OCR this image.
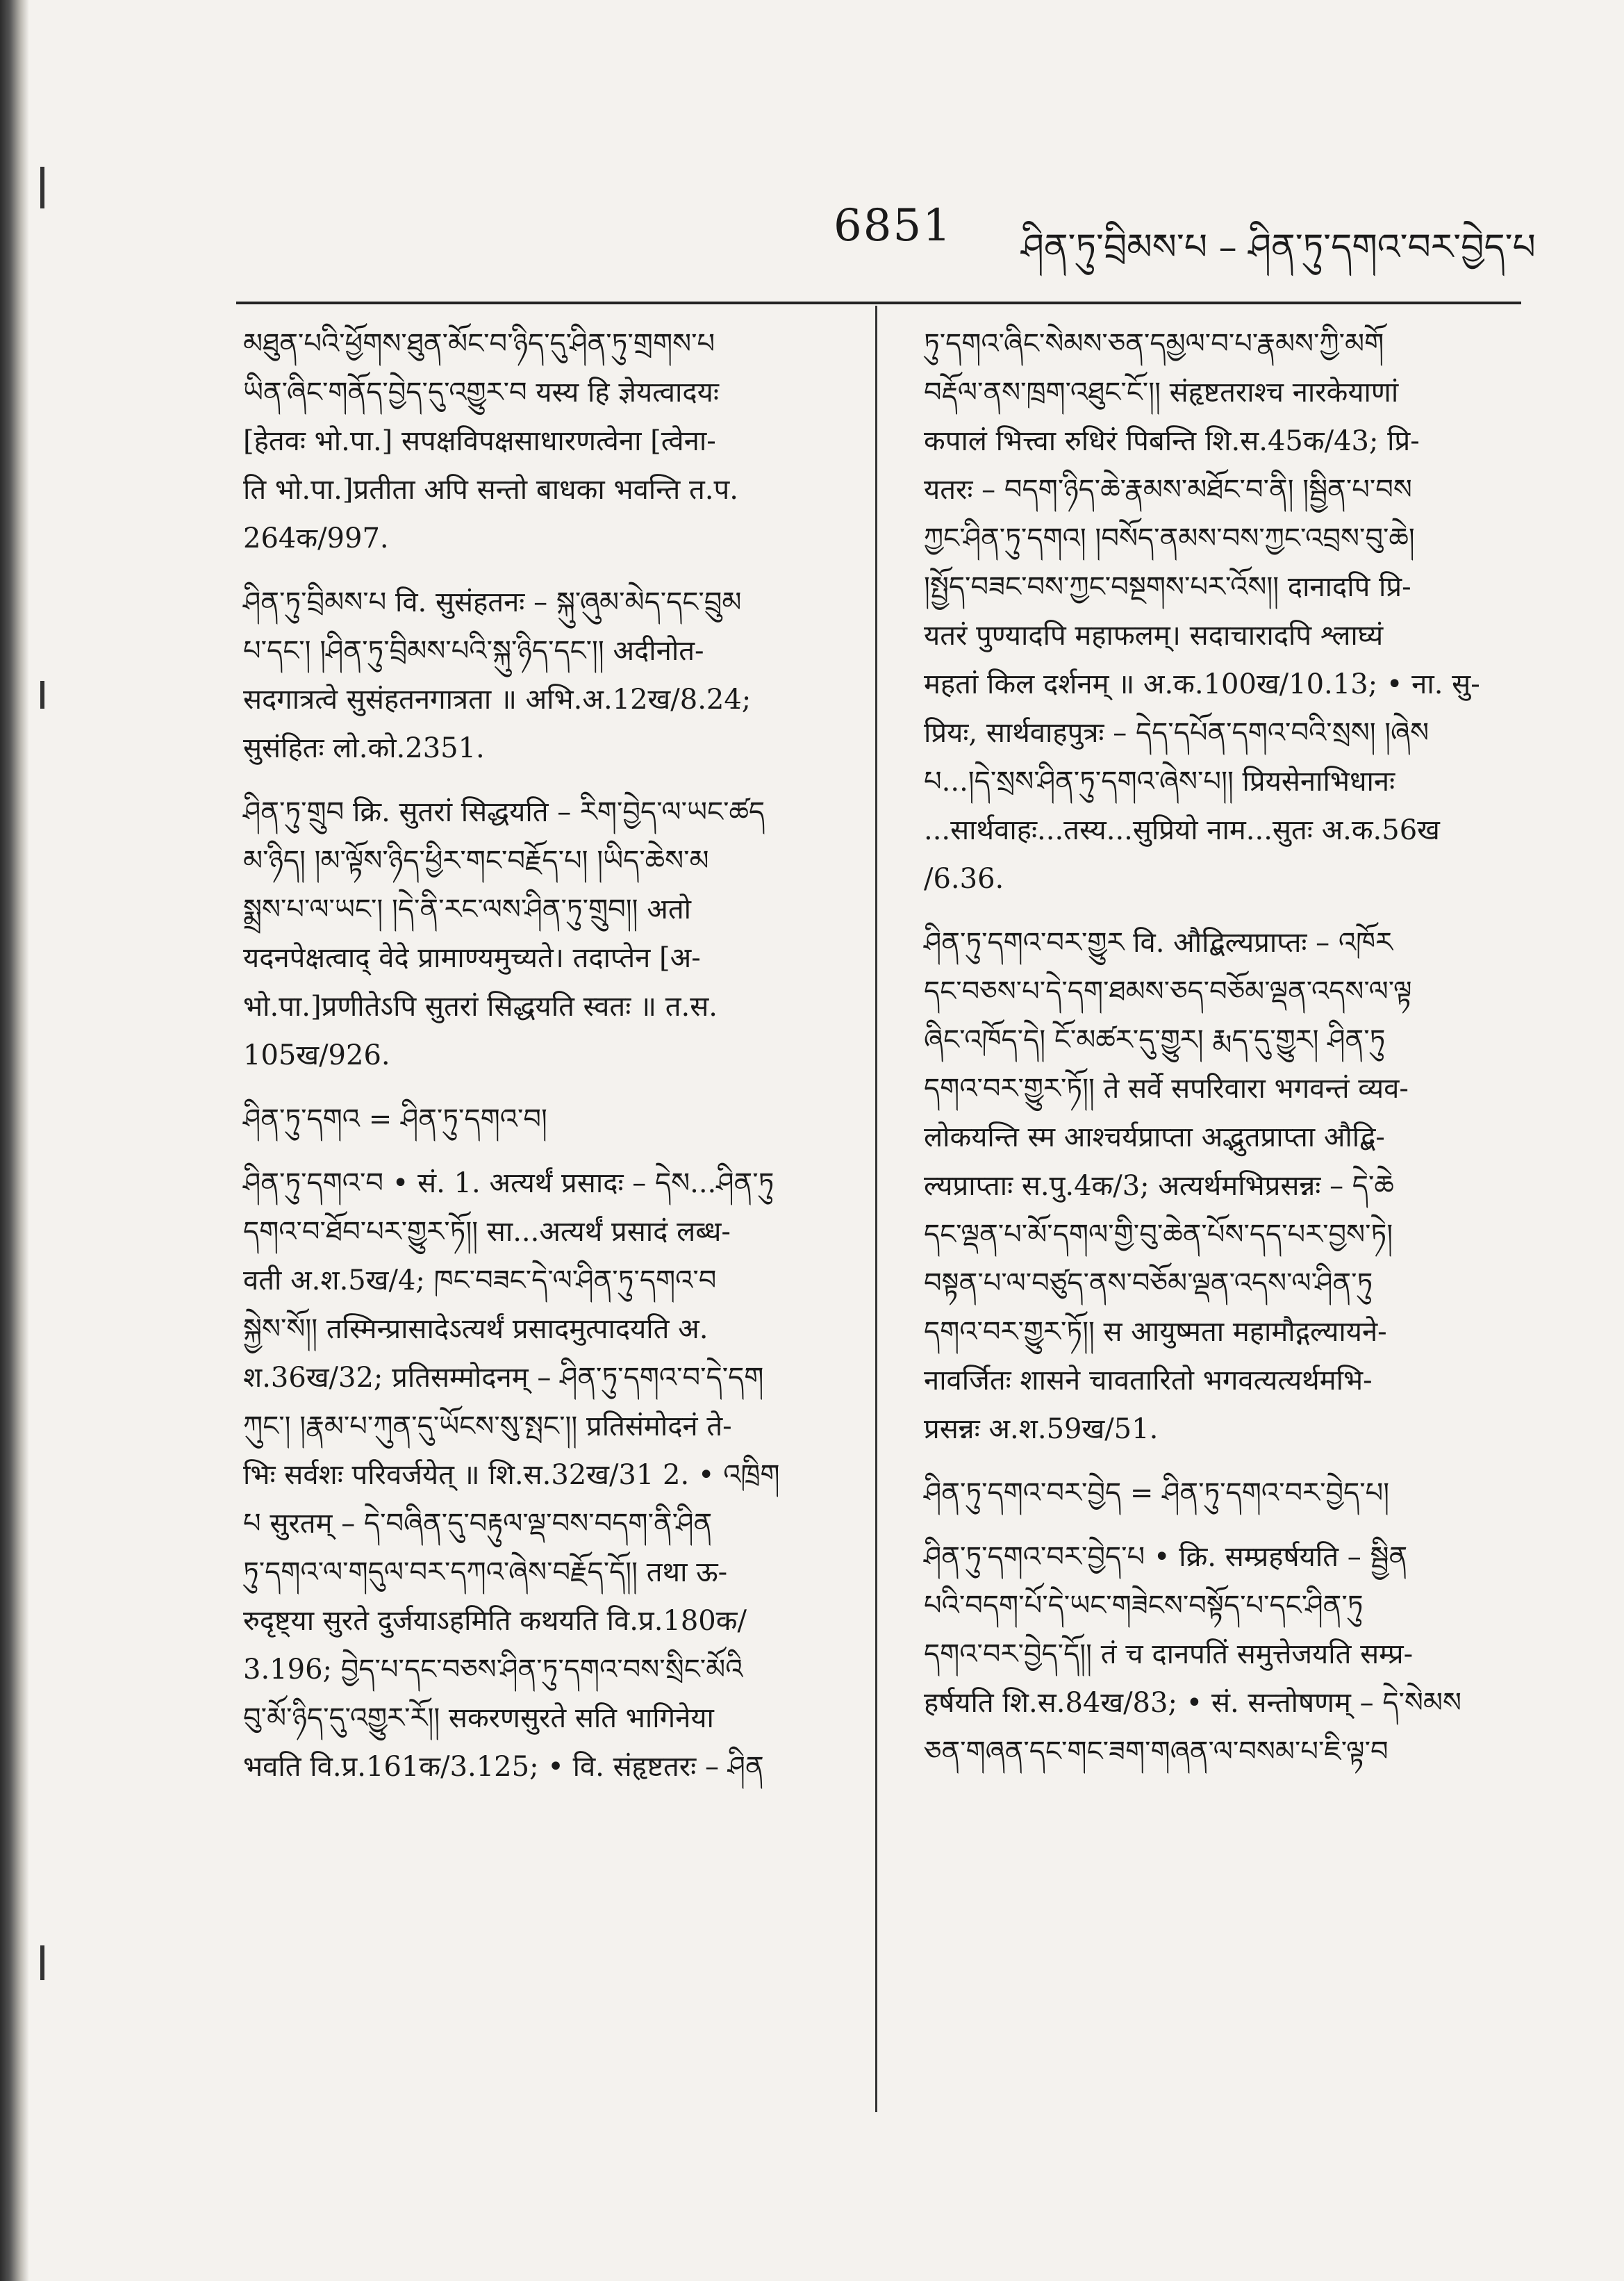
6851 ཤིན་ཏུ་བྲིམས་པ – ཤིན་ཏུ་དགའ་བར་བྱེད་པ

མཐུན་པའི་ཕྱོགས་ཐུན་མོང་བ་ཉིད་དུ་ཤིན་ཏུ་གྲགས་པ

ཡིན་ཞིང་གནོད་བྱེད་དུ་འགྱུར་བ यस्य हि ज्ञेयत्वादयः

[हेतवः भो.पा.] सपक्षविपक्षसाधारणत्वेना [त्वेना-

ति भो.पा.]प्रतीता अपि सन्तो बाधका भवन्ति त.प.

264क/997.

ཤིན་ཏུ་བྲིམས་པ वि. सुसंहतनः – སྐུ་ཞུམ་མེད་དང་བྲུམ

པ་དང་། །ཤིན་ཏུ་བྲིམས་པའི་སྐུ་ཉིད་དང་།། अदीनोत-

सदगात्रत्वे सुसंहतनगात्रता ॥ अभि.अ.12ख/8.24;

सुसंहितः लो.को.2351.

ཤིན་ཏུ་གྲུབ क्रि. सुतरां सिद्धयति – རིག་བྱེད་ལ་ཡང་ཚད

མ་ཉིད། །མ་ལྟོས་ཉིད་ཕྱིར་གང་བརྗོད་པ། །ཡིད་ཆེས་མ

སྨྲས་པ་ལ་ཡང་། །དེ་ནི་རང་ལས་ཤིན་ཏུ་གྲུབ།། अतो

यदनपेक्षत्वाद् वेदे प्रामाण्यमुच्यते। तदाप्तेन [अ-

भो.पा.]प्रणीतेऽपि सुतरां सिद्धयति स्वतः ॥ त.स.

105ख/926.

ཤིན་ཏུ་དགའ = ཤིན་ཏུ་དགའ་བ།

ཤིན་ཏུ་དགའ་བ • सं. 1. अत्यर्थं प्रसादः – དེས...ཤིན་ཏུ

དགའ་བ་ཐོབ་པར་གྱུར་ཏོ།། सा...अत्यर्थं प्रसादं लब्ध-

वती अ.श.5ख/4; ཁང་བཟང་དེ་ལ་ཤིན་ཏུ་དགའ་བ

སྐྱེས་སོ།། तस्मिन्प्रासादेऽत्यर्थं प्रसादमुत्पादयति अ.

श.36ख/32; प्रतिसम्मोदनम् – ཤིན་ཏུ་དགའ་བ་དེ་དག

ཀུང་། །རྣམ་པ་ཀུན་དུ་ཡོངས་སུ་སྤང་།། प्रतिसंमोदनं ते-

भिः सर्वशः परिवर्जयेत् ॥ शि.स.32ख/31 2. • འཁྲིག

པ सुरतम् – དེ་བཞིན་དུ་བརྟུལ་ལྡ་བས་བདག་ནི་ཤིན

ཏུ་དགའ་ལ་གདུལ་བར་དཀའ་ཞེས་བརྗོད་དོ།། तथा ऊ-

रुदृष्ट्या सुरते दुर्जयाऽहमिति कथयति वि.प्र.180क/

3.196; བྱེད་པ་དང་བཅས་ཤིན་ཏུ་དགའ་བས་སྲིང་མོའི

བུ་མོ་ཉིད་དུ་འགྱུར་རོ།། सकरणसुरते सति भागिनेया

भवति वि.प्र.161क/3.125; • वि. संहृष्टतरः – ཤིན

ཏུ་དགའ་ཞིང་སེམས་ཅན་དམྱལ་བ་པ་རྣམས་ཀྱི་མགོ

བརྡོལ་ནས་ཁྲག་འཐུང་ངོ་།། संहृष्टतराश्च नारकेयाणां

कपालं भित्त्वा रुधिरं पिबन्ति शि.स.45क/43; प्रि-

यतरः – བདག་ཉིད་ཆེ་རྣམས་མཐོང་བ་ནི། །སྦྱིན་པ་བས

ཀྱང་ཤིན་ཏུ་དགའ། །བསོད་ནམས་བས་ཀྱང་འབྲས་བུ་ཆེ།

།སྤྱོད་བཟང་བས་ཀྱང་བསྔགས་པར་འོས།། दानादपि प्रि-

यतरं पुण्यादपि महाफलम्। सदाचारादपि श्लाघ्यं

महतां किल दर्शनम् ॥ अ.क.100ख/10.13; • ना. सु-

प्रियः, सार्थवाहपुत्रः – དེད་དཔོན་དགའ་བའི་སྲས། །ཞེས

པ...།དེ་སྲས་ཤིན་ཏུ་དགའ་ཞེས་པ།། प्रियसेनाभिधानः

...सार्थवाहः...तस्य...सुप्रियो नाम...सुतः अ.क.56ख

/6.36.

ཤིན་ཏུ་དགའ་བར་གྱུར वि. औद्बिल्यप्राप्तः – འཁོར

དང་བཅས་པ་དེ་དག་ཐམས་ཅད་བཅོམ་ལྡན་འདས་ལ་ལྟ

ཞིང་འཁོད་དེ། ངོ་མཚར་དུ་གྱུར། རྨད་དུ་གྱུར། ཤིན་ཏུ

དགའ་བར་གྱུར་ཏོ།། ते सर्वे सपरिवारा भगवन्तं व्यव-

लोकयन्ति स्म आश्चर्यप्राप्ता अद्भुतप्राप्ता औद्बि-

ल्यप्राप्ताः स.पु.4क/3; अत्यर्थमभिप्रसन्नः – དེ་ཆེ

དང་ལྡན་པ་མོ་དགལ་གྱི་བུ་ཆེན་པོས་དད་པར་བྱས་ཏེ།

བསྟན་པ་ལ་བཙུད་ནས་བཅོམ་ལྡན་འདས་ལ་ཤིན་ཏུ

དགའ་བར་གྱུར་ཏོ།། स आयुष्मता महामौद्गल्यायने-

नावर्जितः शासने चावतारितो भगवत्यत्यर्थमभि-

प्रसन्नः अ.श.59ख/51.

ཤིན་ཏུ་དགའ་བར་བྱེད = ཤིན་ཏུ་དགའ་བར་བྱེད་པ།

ཤིན་ཏུ་དགའ་བར་བྱེད་པ • क्रि. सम्प्रहर्षयति – སྦྱིན

པའི་བདག་པོ་དེ་ཡང་གཟེངས་བསྟོད་པ་དང་ཤིན་ཏུ

དགའ་བར་བྱེད་དོ།། तं च दानपतिं समुत्तेजयति सम्प्र-

हर्षयति शि.स.84ख/83; • सं. सन्तोषणम् – དེ་སེམས

ཅན་གཞན་དང་གང་ཟག་གཞན་ལ་བསམ་པ་ཇི་ལྟ་བ
